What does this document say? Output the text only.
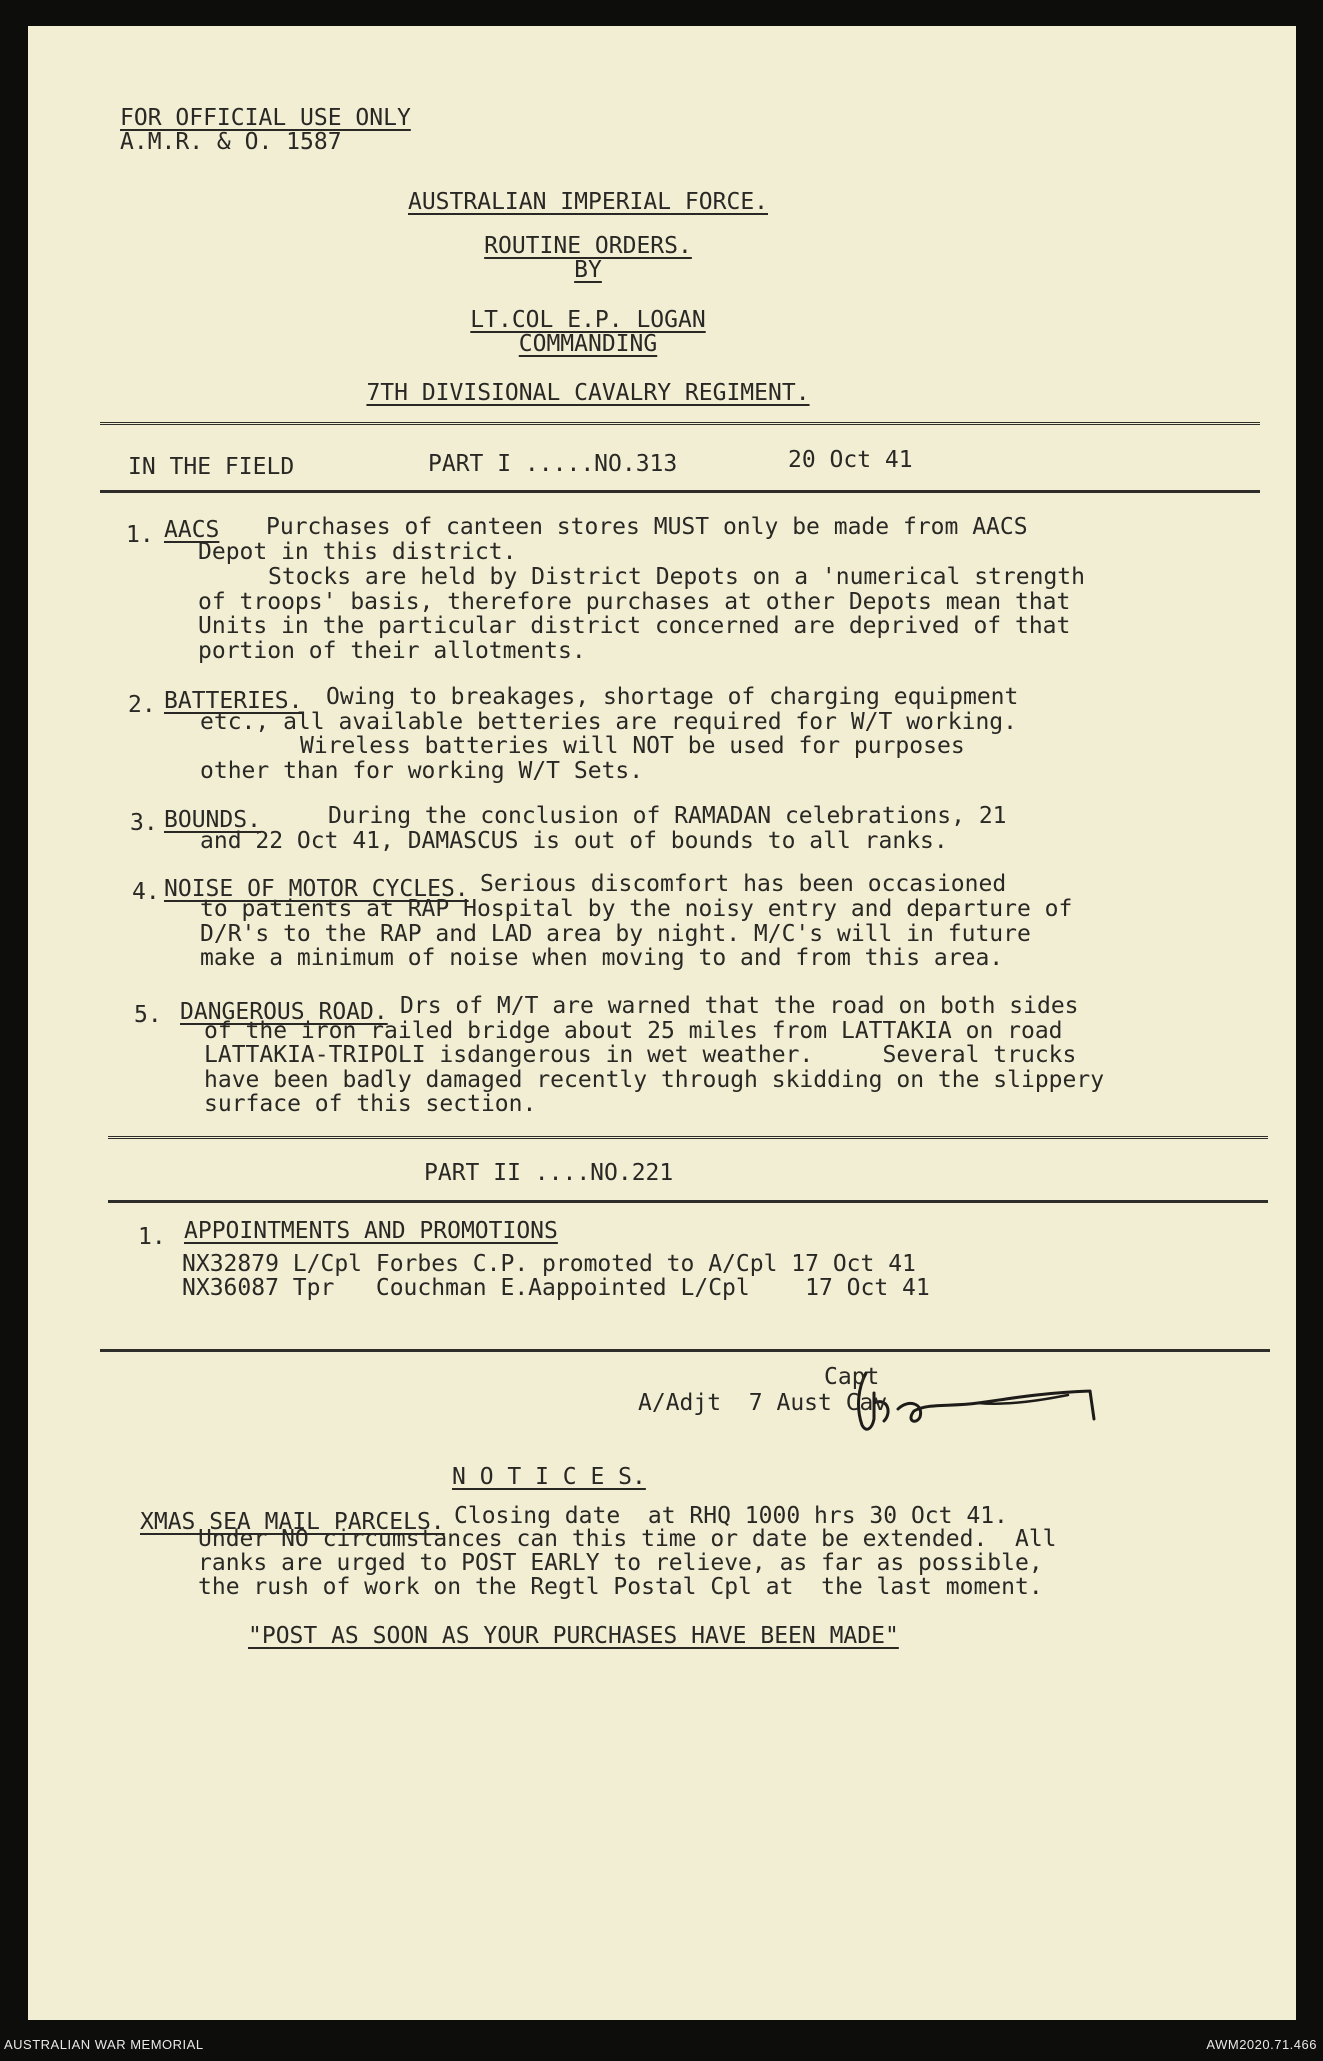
FOR OFFICIAL USE ONLY
A.M.R. & O. 1587
AUSTRALIAN IMPERIAL FORCE.
ROUTINE ORDERS.
BY
LT.COL E.P. LOGAN
COMMANDING
7TH DIVISIONAL CAVALRY REGIMENT.
IN THE FIELD	PART I .....NO.313	20 Oct 41
1. AACS Purchases of canteen stores MUST only be made from AACS
Depot in this district.
Stocks are held by District Depots on a 'numerical strength
of troops' basis, therefore purchases at other Depots mean that
Units in the particular district concerned are deprived of that
portion of their allotments.
2. BATTERIES. Owing to breakages, shortage of charging equipment
etc., all available betteries are required for W/T working.
Wireless batteries will NOT be used for purposes
other than for working W/T Sets.
3. BOUNDS.	During the conclusion of RAMADAN celebrations, 21
and 22 Oct 41, DAMASCUS is out of bounds to all ranks.
4. NOISE OF MOTOR CYCLES. Serious discomfort has been occasioned
to patients at RAP Hospital by the noisy entry and departure of
D/R's to the RAP and LAD area by night. M/C's will in future
make a minimum of noise when moving to and from this area.
5. DANGEROUS ROAD. Drs of M/T are warned that the road on both sides
of the iron railed bridge about 25 miles from LATTAKIA on road
LATTAKIA-TRIPOLI isdangerous in wet weather.     Several trucks
have been badly damaged recently through skidding on the slippery
surface of this section.
PART II ....NO.221
1. APPOINTMENTS AND PROMOTIONS
NX32879 L/Cpl Forbes C.P. promoted to A/Cpl 17 Oct 41
NX36087 Tpr   Couchman E.Aappointed L/Cpl    17 Oct 41
Capt
A/Adjt  7 Aust Cav
N O T I C E S.
XMAS SEA MAIL PARCELS. Closing date  at RHQ 1000 hrs 30 Oct 41.
Under NO circumstances can this time or date be extended.  All
ranks are urged to POST EARLY to relieve, as far as possible,
the rush of work on the Regtl Postal Cpl at  the last moment.
"POST AS SOON AS YOUR PURCHASES HAVE BEEN MADE"
AUSTRALIAN WAR MEMORIAL	AWM2020.71.466
